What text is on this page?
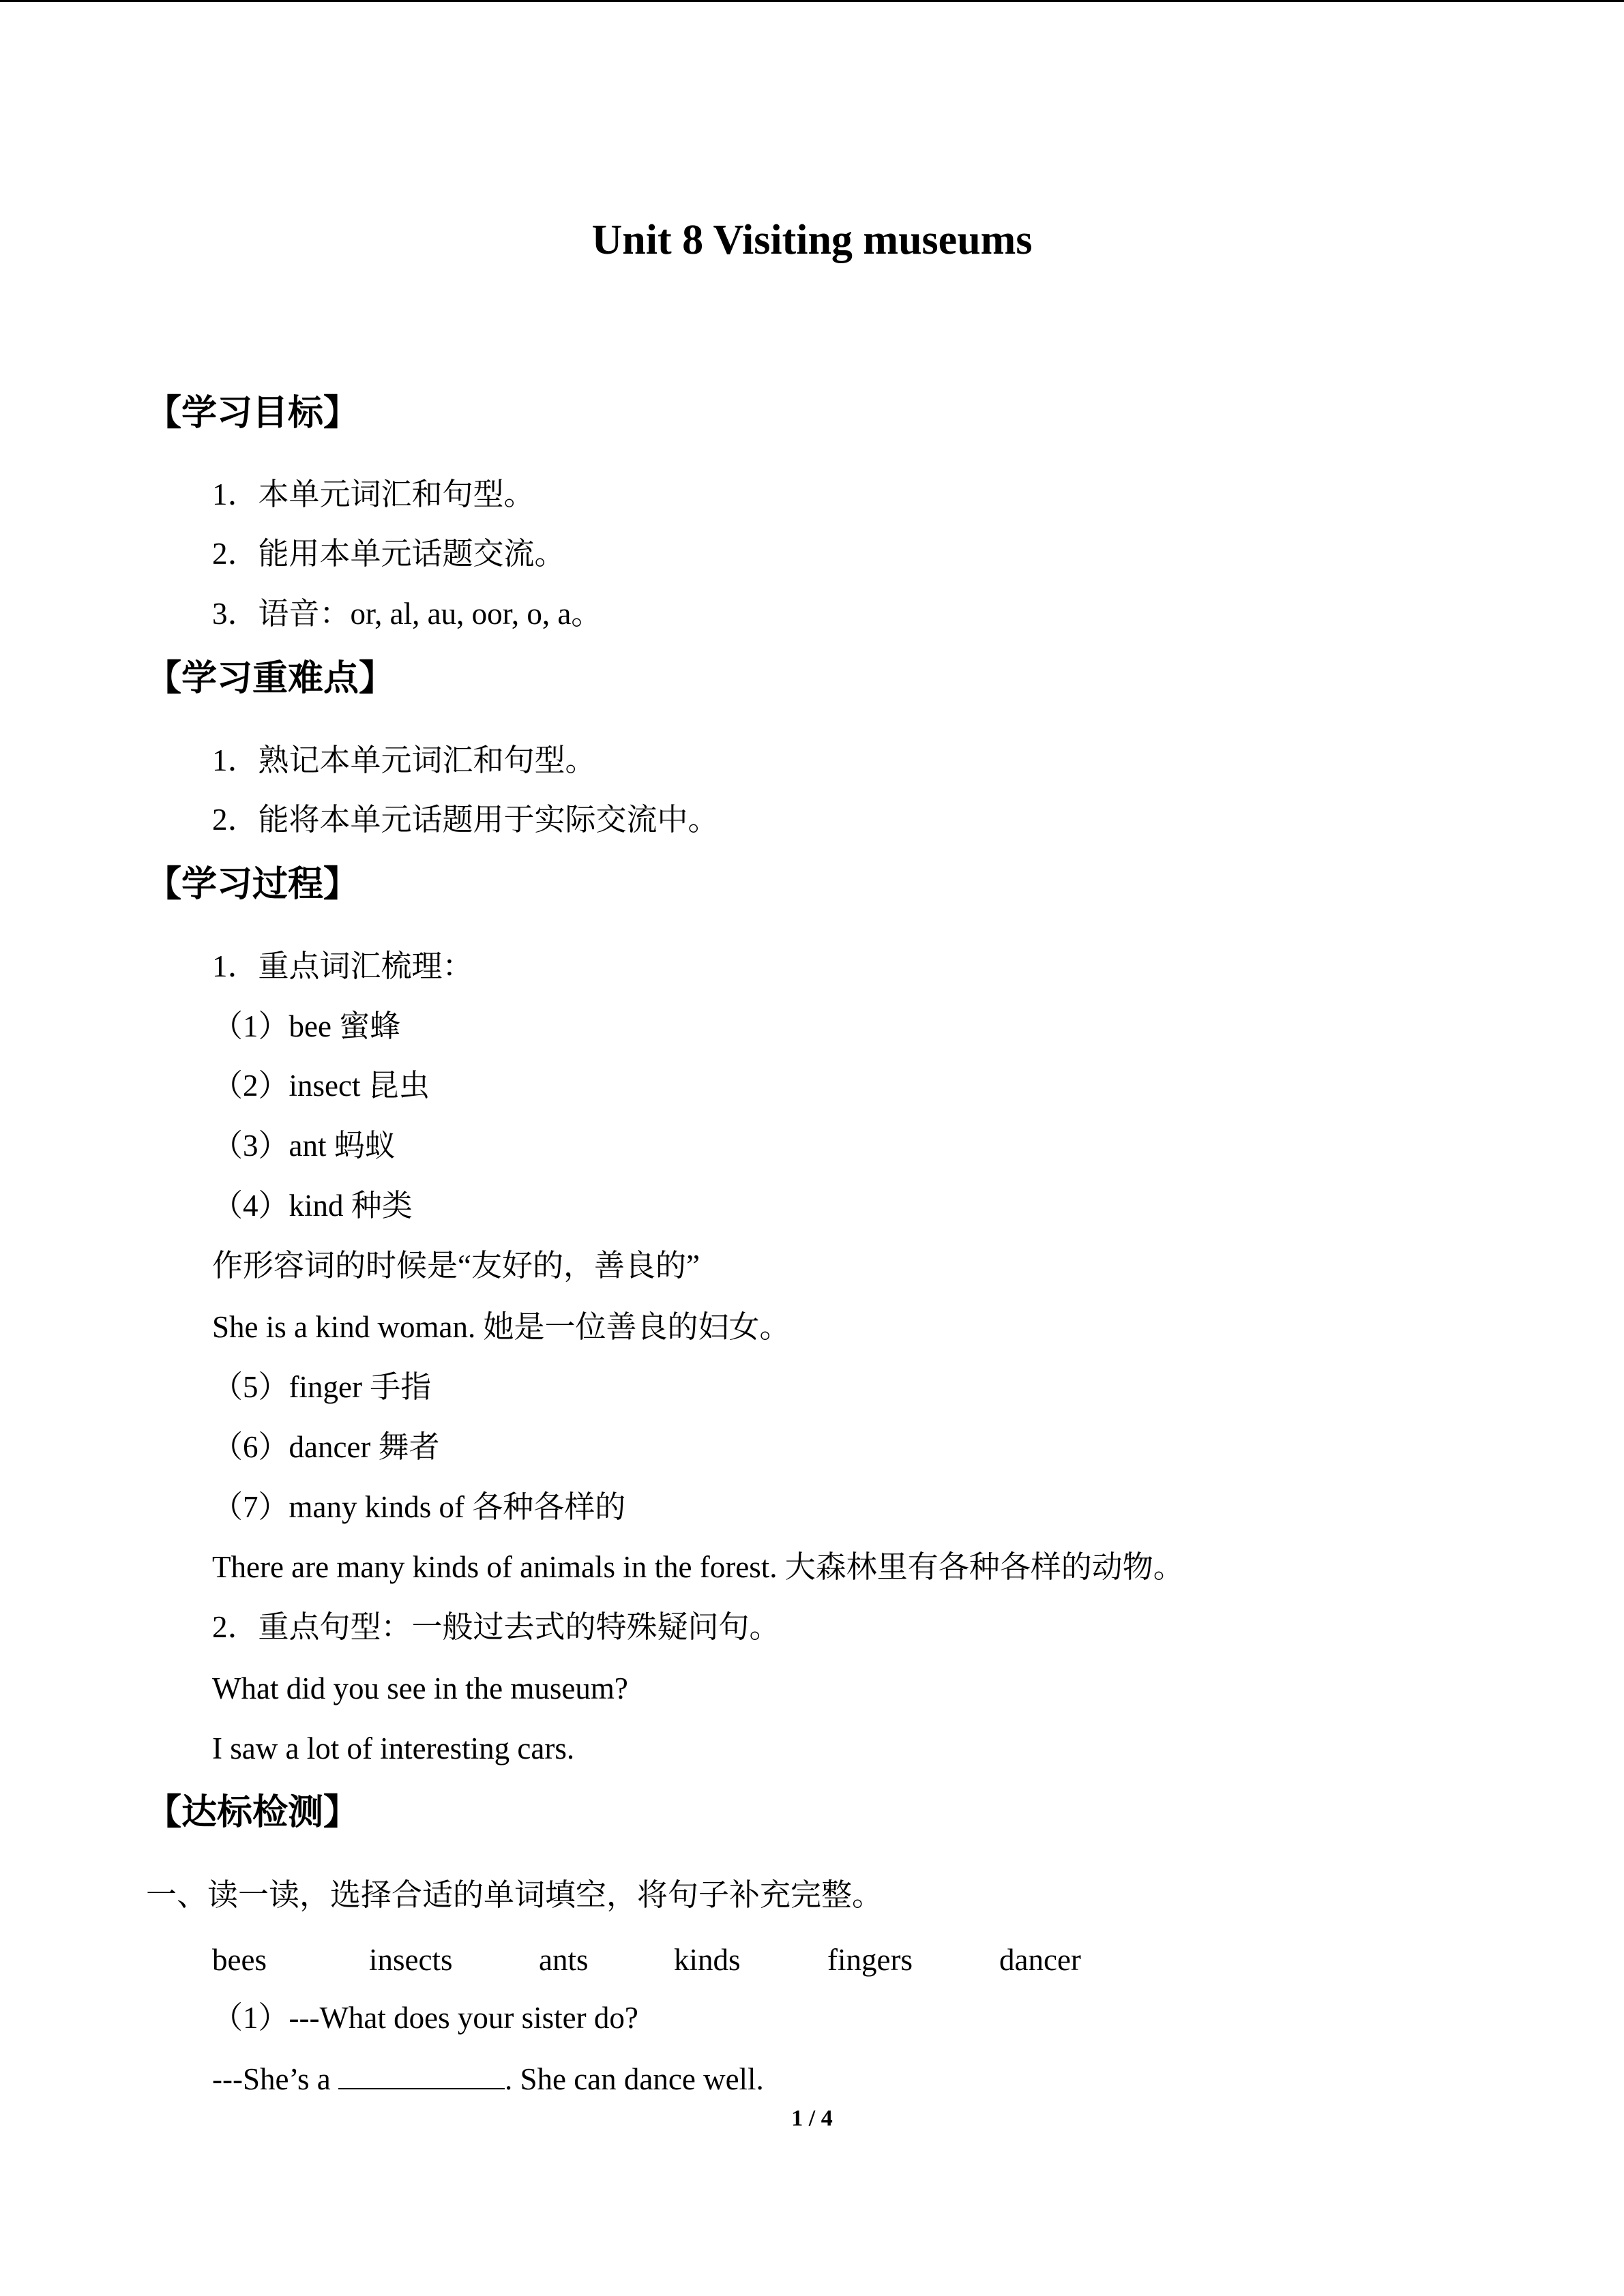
Unit 8 Visiting museums
【学习目标】
1．本单元词汇和句型。
2．能用本单元话题交流。
3．语音：or, al, au, oor, o, a。
【学习重难点】
1．熟记本单元词汇和句型。
2．能将本单元话题用于实际交流中。
【学习过程】
1．重点词汇梳理：
（1）bee 蜜蜂
（2）insect 昆虫
（3）ant 蚂蚁
（4）kind 种类
作形容词的时候是“友好的，善良的”
She is a kind woman. 她是一位善良的妇女。
（5）finger 手指
（6）dancer 舞者
（7）many kinds of 各种各样的
There are many kinds of animals in the forest. 大森林里有各种各样的动物。
2．重点句型：一般过去式的特殊疑问句。
What did you see in the museum?
I saw a lot of interesting cars.
【达标检测】
一、读一读，选择合适的单词填空，将句子补充完整。
bees	insects	ants	kinds	fingers	dancer
（1）---What does your sister do?
---She’s a	. She can dance well.
1 / 4
